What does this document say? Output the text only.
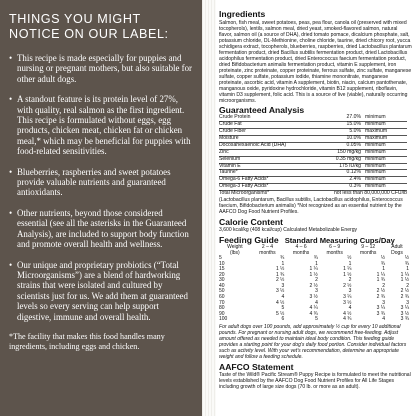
THINGS YOU MIGHT
NOTICE ON OUR LABEL:
• This recipe is made especially for puppies and nursing or pregnant mothers, but also suitable for other adult dogs.
• A standout feature is its protein level of 27%, with quality, real salmon as the first ingredient. This recipe is formulated without eggs, egg products, chicken meat, chicken fat or chicken meal,* which may be beneficial for puppies with food-related sensitivities.
• Blueberries, raspberries and sweet potatoes provide valuable nutrients and guaranteed antioxidants.
• Other nutrients, beyond those considered essential (see all the asterisks in the Guaranteed Analysis), are included to support body function and promote overall health and wellness.
• Our unique and proprietary probiotics (“Total Microorganisms”) are a blend of hardworking strains that were isolated and cultured by scientists just for us. We add them at guaranteed levels so every serving can help support digestive, immune and overall health.

*The facility that makes this food handles many ingredients, including eggs and chicken.

Ingredients

Salmon, fish meal, sweet potatoes, peas, pea flour, canola oil (preserved with mixed tocopherols), lentils, salmon meal, dried yeast, smoked-flavored salmon, natural flavor, salmon oil (a source of DHA), dried tomato pomace, dicalcium phosphate, salt, potassium chloride, DL-Methionine, choline chloride, taurine, dried chicory root, yucca schidigera extract, tocopherols, blueberries, raspberries, dried Lactobacillus plantarum fermentation product, dried Bacillus subtilis fermentation product, dried Lactobacillus acidophilus fermentation product, dried Enterococcus faecium fermentation product, dried Bifidobacterium animalis fermentation product, vitamin E supplement, iron proteinate, zinc proteinate, copper proteinate, ferrous sulfate, zinc sulfate, manganese sulfate, copper sulfate, potassium iodide, thiamine mononitrate, manganese proteinate, ascorbic acid, vitamin A supplement, biotin, niacin, calcium pantothenate, manganous oxide, pyridoxine hydrochloride, vitamin B12 supplement, riboflavin, vitamin D3 supplement, folic acid. This is a source of live (viable), naturally occurring microorganisms.

Guaranteed Analysis
Crude Protein	27.0%	minimum
Crude Fat	15.0%	minimum
Crude Fiber	5.0%	maximum
Moisture	10.0%	maximum
Docosahexaenoic Acid (DHA)	0.05%	minimum
Zinc	150 mg/kg	minimum
Selenium	0.35 mg/kg	minimum
Vitamin E	175 IU/kg	minimum
Taurine*	0.12%	minimum
Omega-6 Fatty Acids*	2.4%	minimum
Omega-3 Fatty Acids*	0.3%	minimum
Total Microorganisms*	not less than 80,000,000 CFU/lb	

(Lactobacillus plantarum, Bacillus subtilis, Lactobacillus acidophilus, Enterococcus faecium, Bifidobacterium animalis) *Not recognized as an essential nutrient by the AAFCO Dog Food Nutrient Profiles.

Calorie Content

3,600 kcal/kg (408 kcal/cup) Calculated Metabolizable Energy

Feeding Guide Standard Measuring Cups/Day
Weight	2 – 4	4 – 6	6 – 9	9 – 12	Adult
(lbs)	months	months	months	months	Dogs
5	¾	¾	½	½	½
10	1	1	1	¾	¾
15	1 ½	1 ¼	1 ¼	1	1
20	1 ¾	1 ½	1 ½	1 ¼	1 ¼
30	2 ½	2	2	1 ¾	1 ½
40	3	2 ½	2 ½	2	2
50	3 ½	3	3	2 ½	2 ½
60	4	3 ½	3 ¼	2 ¾	2 ¾
70	4 ½	4	3 ½	3	3
80	5	4 ¼	4	3 ¼	3 ¼
90	5 ½	4 ¾	4 ½	3 ¾	3 ½
100	6	5	4 ¾	4	3 ¾

For adult dogs over 100 pounds, add approximately ½ cup for every 10 additional pounds. For pregnant or nursing adult dogs, we recommend free-feeding. Adjust amount offered as needed to maintain ideal body condition. This feeding guide provides a starting point for your dog's daily food portion. Consider individual factors such as activity level. With your vet's recommendation, determine an appropriate weight and follow a feeding schedule.

AAFCO Statement

Taste of the Wild® Pacific Stream® Puppy Recipe is formulated to meet the nutritional levels established by the AAFCO Dog Food Nutrient Profiles for All Life Stages including growth of large size dogs (70 lb. or more as an adult).
